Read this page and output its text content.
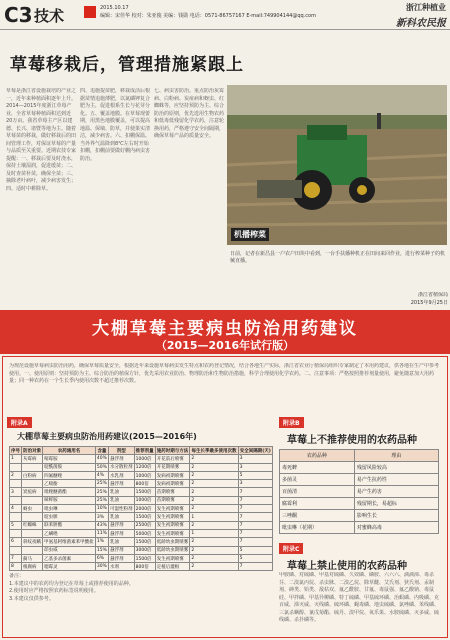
C3 技术	2015.10.17
编辑：宋佳华 校对：朱亚俊 美编：钱勋 电话：0571-86757167 E-mail:749904144@qq.com
浙江种植业
新科农民报
草莓移栽后，管理措施紧跟上
草莓是浙江省设施栽培的产业之一，近年来种植面积逐年上升。2014—2015年度浙江草莓产业，全省草莓种植面积达到近20万亩。我省草莓主产区以建德、长兴、诸暨等地为主。随着草莓苗的移栽，做好移栽后的田间管理工作，对保证草莓的产量与品质至关重要。近期农技专家提醒：一、移栽后要及时浇水，保持土壤湿润，促进缓苗；二、及时查苗补苗，确保全苗；三、摘除老叶病叶，减少病害发生；四、适时中耕除草。
四、追施提苗肥，移栽成活后根据苗情追施薄肥，以氮磷钾复合肥为主，促进根系生长与花芽分化。五、覆盖地膜。在草莓现蕾期，用黑色地膜覆盖，可以提高地温、保墒、防草，并使果实清洁，减少病害。六、扣棚保温。当外界气温降到8℃左右时开始扣棚，扣棚前要做好棚内病虫害防治。
七、病虫害防治。重点防治灰霉病、白粉病、炭疽病和蚜虫、红蜘蛛等，应坚持预防为主、综合防治的原则，优先选用生物农药和低毒低残留化学农药，注意轮换用药，严格遵守安全间隔期，确保草莓产品的质量安全。
机播榨菜
日前，记者在新昌县一户农户田块中看到，一台手扶播种机正在田间来回作业，进行榨菜种子的机械直播。
大棚草莓主要病虫防治用药建议
（2015—2016年试行版）
为规范设施草莓病虫防治用药，确保草莓质量安全，根据近年来设施草莓病虫发生特点和农药登记情况，结合各地生产实际，浙江省农业厅植保局组织专家制定了本用药建议，供各地在生产中参考使用。一、使用原则：坚持预防为主、综合防治的植保方针，优先采用农业防治、物理防治和生物防治措施，科学合理使用化学农药。二、注意事项：严格按照推荐剂量使用，避免随意加大用药量；同一种农药在一个生长季内使用次数不超过推荐次数。
附录A
大棚草莓主要病虫防治用药建议(2015—2016年)
序号	防治对象	农药通用名	含量	剂型	推荐剂量	施药时期与方法	每生长季最多使用次数	安全间隔期(天)
1	灰霉病	嘧霉胺	40%	悬浮剂	1000倍	开花前后喷雾	2	3
		啶酰菌胺	50%	水分散粒剂	1200倍	开花期喷雾	2	3
2	白粉病	四氟醚唑	4%	水乳剂	1000倍	发病初期喷雾	2	5
		乙嘧酚	25%	悬浮剂	800倍	发病初期喷雾	2	3
3	炭疽病	吡唑醚菌酯	25%	乳油	1500倍	苗期喷雾	2	7
		咪鲜胺	25%	乳油	1000倍	苗期喷雾	2	7
4	蚜虫	吡虫啉	10%	可湿性粉剂	2000倍	发生初期喷雾	2	7
		啶虫脒	3%	乳油	1500倍	发生初期喷雾	1	7
5	红蜘蛛	联苯肼酯	43%	悬浮剂	2500倍	发生初期喷雾	2	7
		乙螨唑	11%	悬浮剂	5000倍	发生初期喷雾	1	7
6	斜纹夜蛾	甲氨基阿维菌素苯甲酸盐	1%	乳油	1500倍	低龄幼虫期喷雾	2	7
		茚虫威	15%	悬浮剂	3000倍	低龄幼虫期喷雾	2	5
7	蓟马	乙基多杀菌素	6%	悬浮剂	1500倍	发生初期喷雾	2	5
8	根腐病	噁霉灵	30%	水剂	800倍	定植后灌根	2	7
备注：
1.本建议中的农药均为登记在草莓上或推荐使用的品种。
2.使用时应严格按照农药标签说明使用。
3.本建议仅供参考。
附录B
草莓上不推荐使用的农药品种
农药品种	理由
毒死蜱	残留风险较高
多菌灵	易产生抗药性
百菌清	易产生药害
腐霉利	残留期长，易超标
三唑酮	影响生长
吡虫啉（花期）	对蜜蜂高毒
附录C
草莓上禁止使用的农药品种
甲胺磷、对硫磷、甲基对硫磷、久效磷、磷胺、六六六、滴滴涕、毒杀芬、二溴氯丙烷、杀虫脒、二溴乙烷、除草醚、艾氏剂、狄氏剂、汞制剂、砷类、铅类、敌枯双、氟乙酰胺、甘氟、毒鼠强、氟乙酸钠、毒鼠硅、甲拌磷、甲基异柳磷、特丁硫磷、甲基硫环磷、治螟磷、内吸磷、克百威、涕灭威、灭线磷、硫环磷、蝇毒磷、地虫硫磷、氯唑磷、苯线磷、三氯杀螨醇、氰戊菊酯、硫丹、溴甲烷、氧乐果、水胺硫磷、灭多威、硫线磷、杀扑磷等。
浙江省植保局
2015年9月25日
